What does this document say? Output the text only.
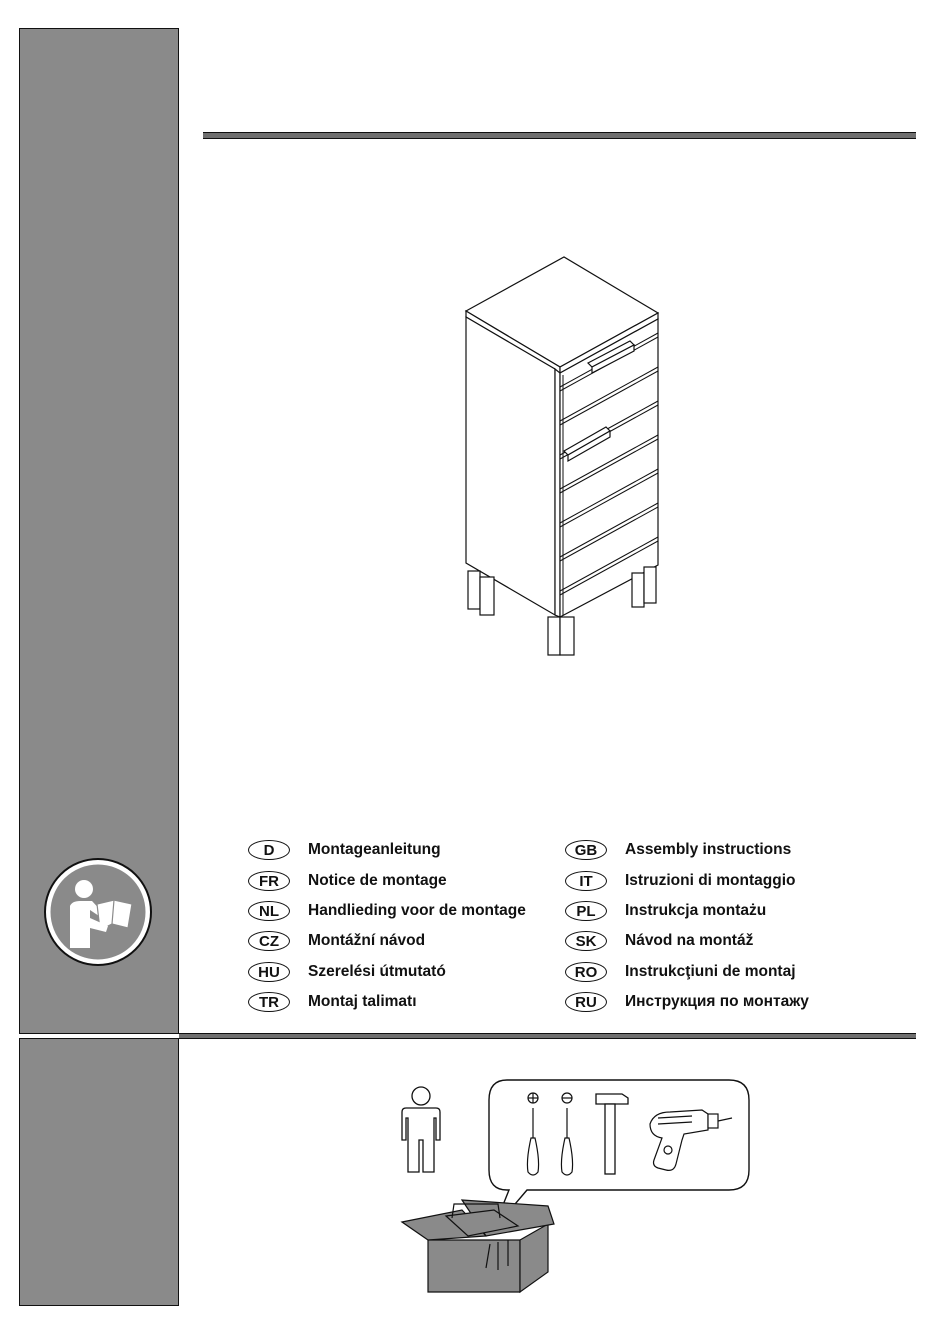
D	Montageanleitung
FR	Notice de montage
NL	Handlieding voor de montage
CZ	Montážní návod
HU	Szerelési útmutató
TR	Montaj talimatı
GB	Assembly instructions
IT	Istruzioni di montaggio
PL	Instrukcja montażu
SK	Návod na montáž
RO	Instrukcţiuni de montaj
RU	Инструкция по монтажу
